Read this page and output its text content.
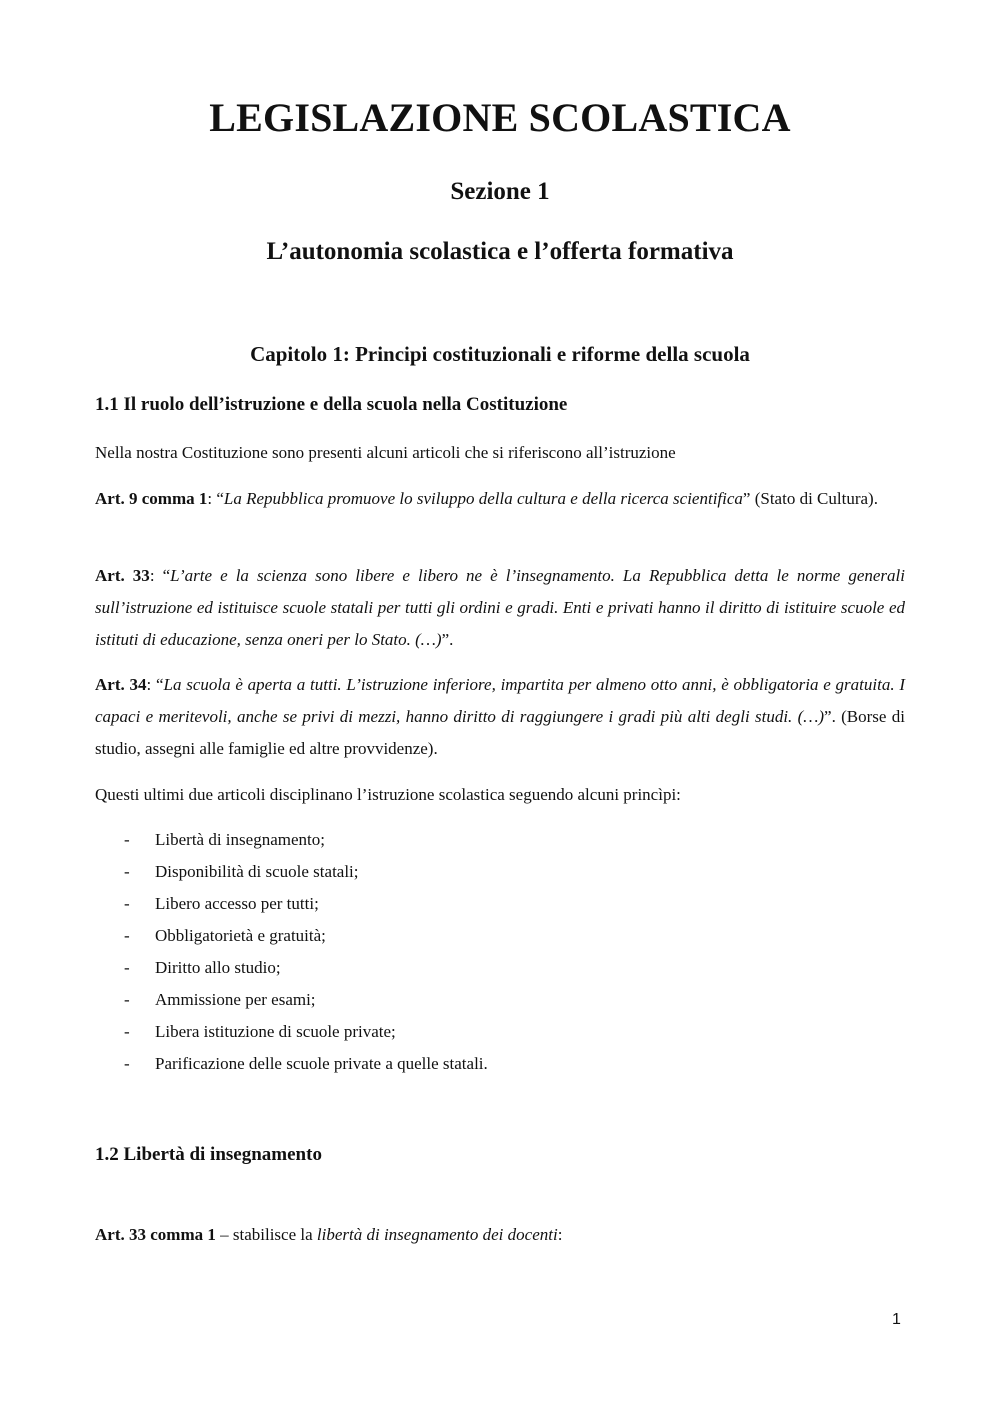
LEGISLAZIONE SCOLASTICA
Sezione 1
L’autonomia scolastica e l’offerta formativa
Capitolo 1: Principi costituzionali e riforme della scuola
1.1 Il ruolo dell’istruzione e della scuola nella Costituzione

Nella nostra Costituzione sono presenti alcuni articoli che si riferiscono all’istruzione

Art. 9 comma 1: “La Repubblica promuove lo sviluppo della cultura e della ricerca scientifica” (Stato di Cultura).

Art. 33: “L’arte e la scienza sono libere e libero ne è l’insegnamento. La Repubblica detta le norme generali sull’istruzione ed istituisce scuole statali per tutti gli ordini e gradi. Enti e privati hanno il diritto di istituire scuole ed istituti di educazione, senza oneri per lo Stato. (…)”.

Art. 34: “La scuola è aperta a tutti. L’istruzione inferiore, impartita per almeno otto anni, è obbligatoria e gratuita. I capaci e meritevoli, anche se privi di mezzi, hanno diritto di raggiungere i gradi più alti degli studi. (…)”. (Borse di studio, assegni alle famiglie ed altre provvidenze).

Questi ultimi due articoli disciplinano l’istruzione scolastica seguendo alcuni princìpi:

- Libertà di insegnamento;
- Disponibilità di scuole statali;
- Libero accesso per tutti;
- Obbligatorietà e gratuità;
- Diritto allo studio;
- Ammissione per esami;
- Libera istituzione di scuole private;
- Parificazione delle scuole private a quelle statali.
1.2 Libertà di insegnamento

Art. 33 comma 1 – stabilisce la libertà di insegnamento dei docenti:

1
